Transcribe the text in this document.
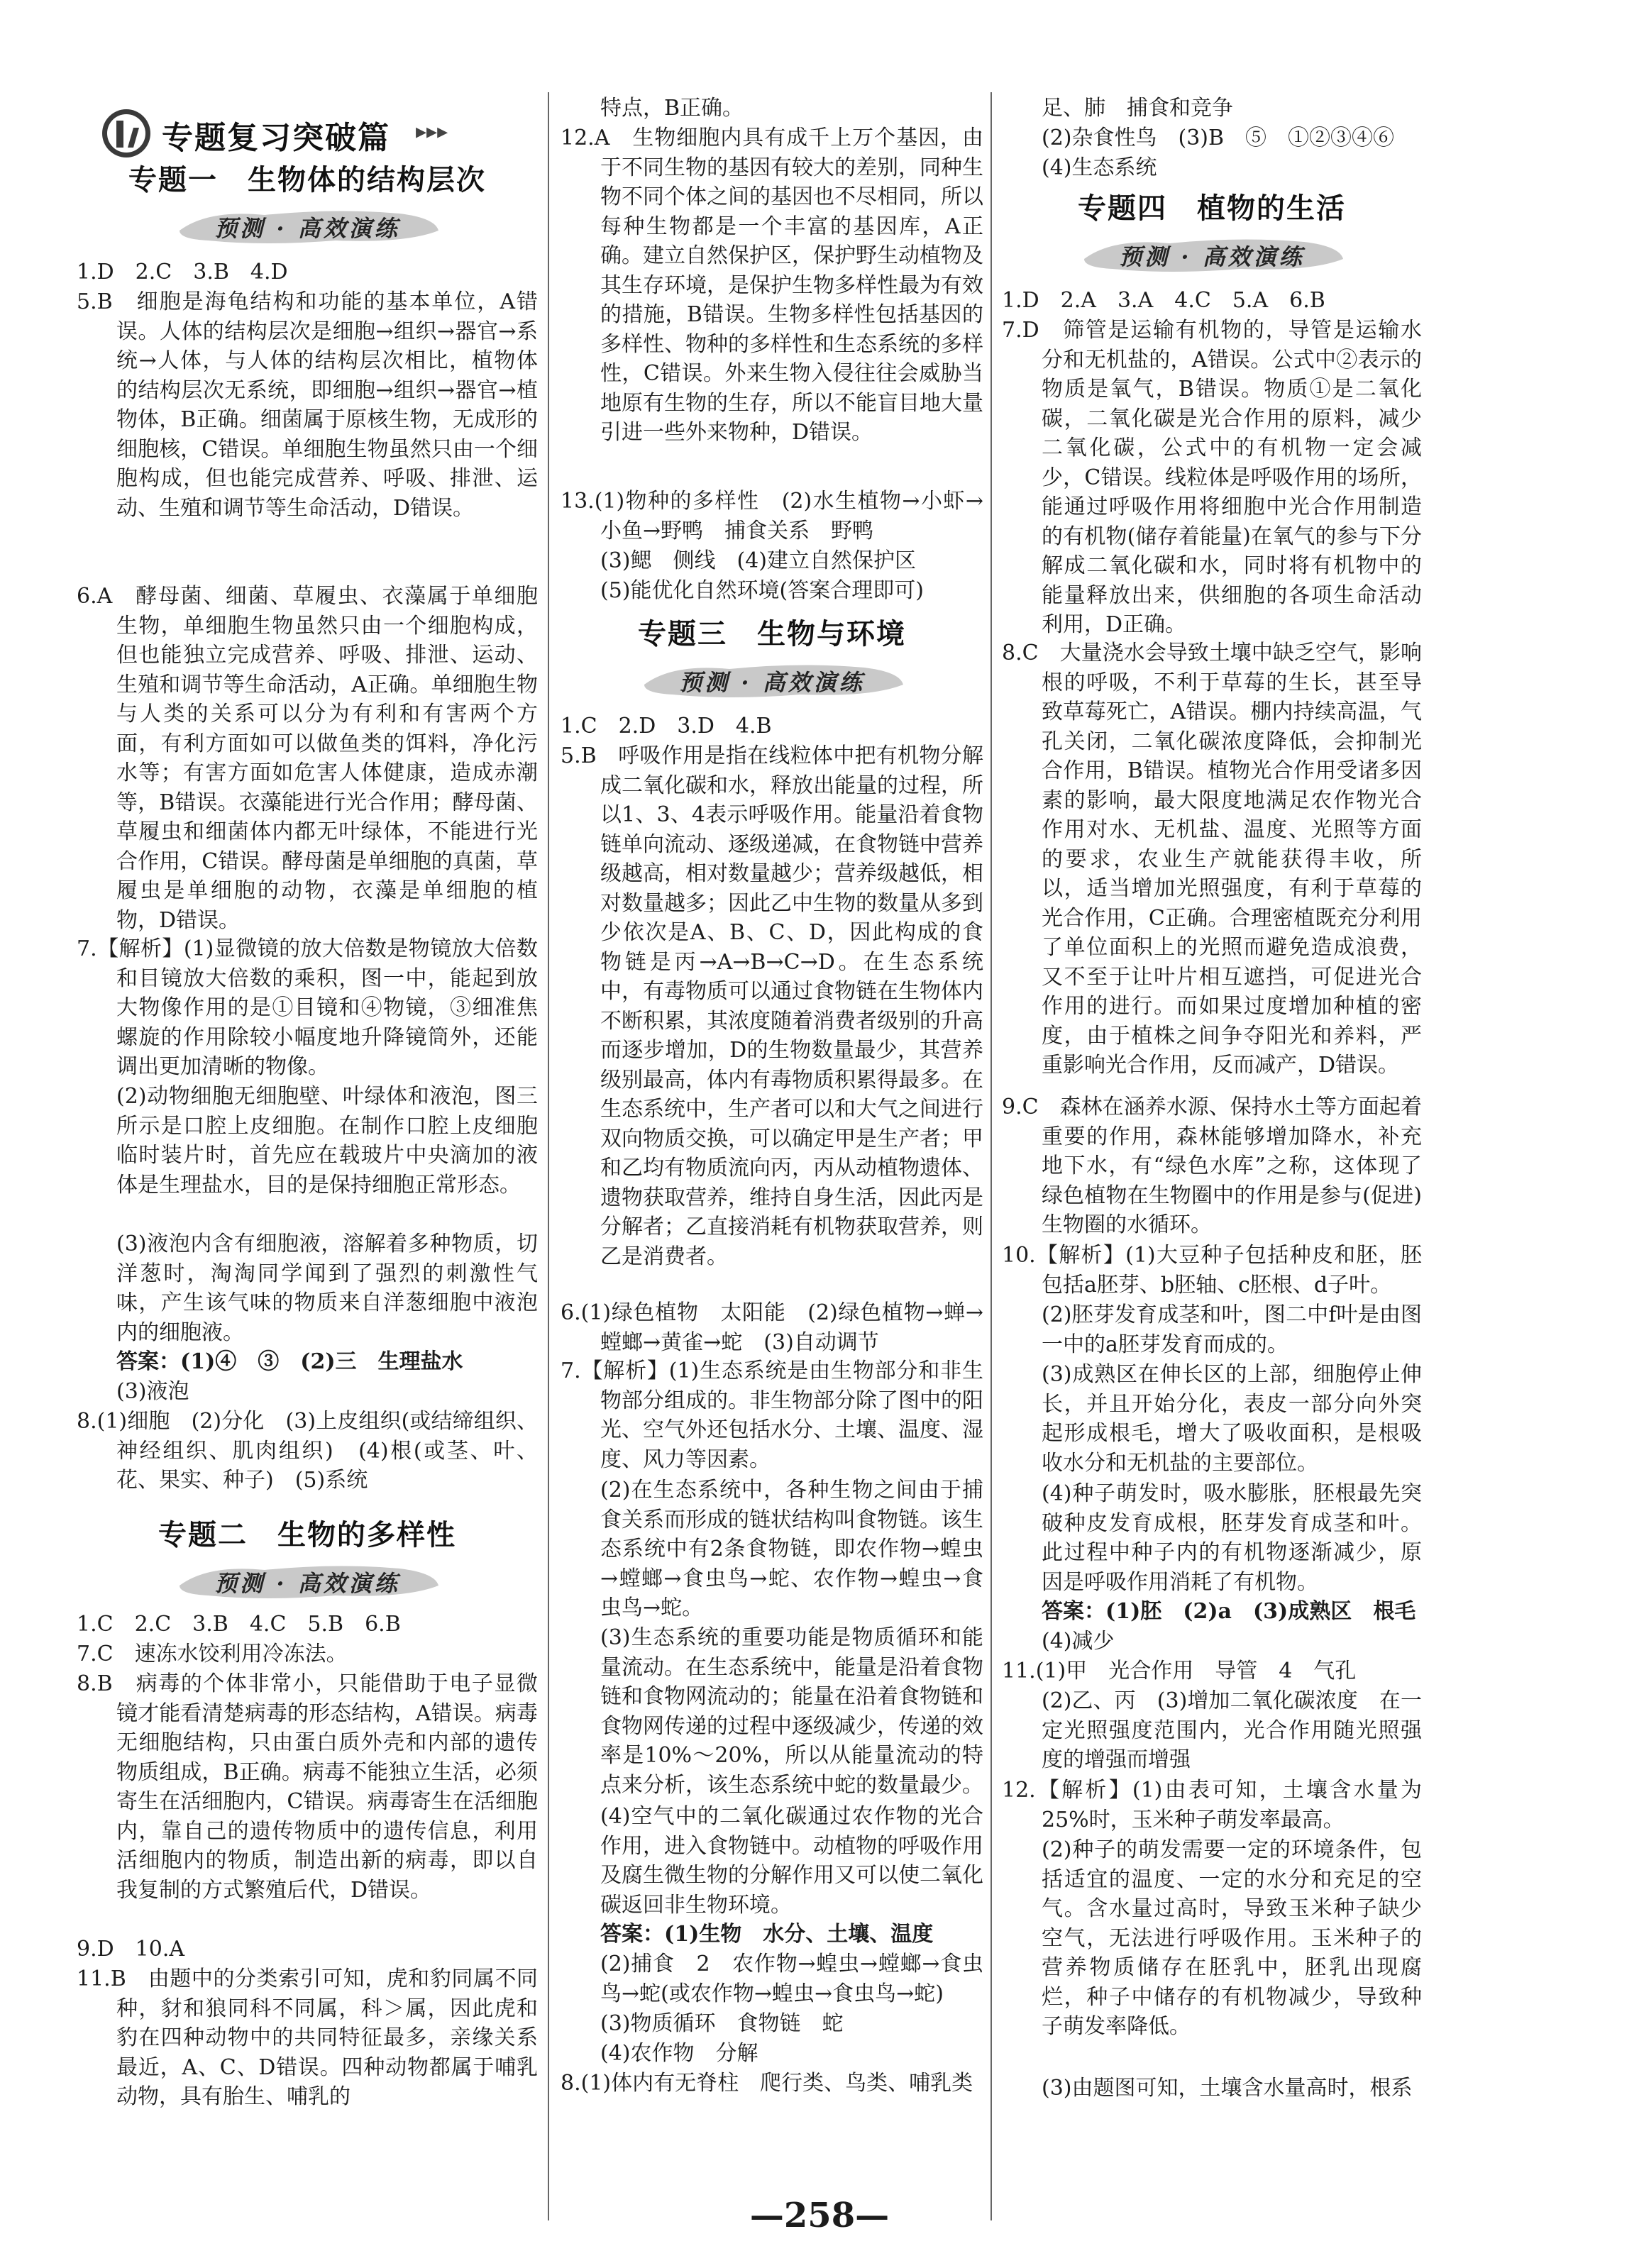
专题复习突破篇 ▸▸▸
专题一　生物体的结构层次
预测 · 高效演练
1.D　2.C　3.B　4.D
5.B　细胞是海龟结构和功能的基本单位，A错误。人体的结构层次是细胞→组织→器官→系统→人体，与人体的结构层次相比，植物体的结构层次无系统，即细胞→组织→器官→植物体，B正确。细菌属于原核生物，无成形的细胞核，C错误。单细胞生物虽然只由一个细胞构成，但也能完成营养、呼吸、排泄、运动、生殖和调节等生命活动，D错误。
6.A　酵母菌、细菌、草履虫、衣藻属于单细胞生物，单细胞生物虽然只由一个细胞构成，但也能独立完成营养、呼吸、排泄、运动、生殖和调节等生命活动，A正确。单细胞生物与人类的关系可以分为有利和有害两个方面，有利方面如可以做鱼类的饵料，净化污水等；有害方面如危害人体健康，造成赤潮等，B错误。衣藻能进行光合作用；酵母菌、草履虫和细菌体内都无叶绿体，不能进行光合作用，C错误。酵母菌是单细胞的真菌，草履虫是单细胞的动物，衣藻是单细胞的植物，D错误。
7.【解析】(1)显微镜的放大倍数是物镜放大倍数和目镜放大倍数的乘积，图一中，能起到放大物像作用的是①目镜和④物镜，③细准焦螺旋的作用除较小幅度地升降镜筒外，还能调出更加清晰的物像。
(2)动物细胞无细胞壁、叶绿体和液泡，图三所示是口腔上皮细胞。在制作口腔上皮细胞临时装片时，首先应在载玻片中央滴加的液体是生理盐水，目的是保持细胞正常形态。
(3)液泡内含有细胞液，溶解着多种物质，切洋葱时，淘淘同学闻到了强烈的刺激性气味，产生该气味的物质来自洋葱细胞中液泡内的细胞液。
答案：(1)④　③　(2)三　生理盐水
(3)液泡
8.(1)细胞　(2)分化　(3)上皮组织(或结缔组织、神经组织、肌肉组织)　(4)根(或茎、叶、花、果实、种子)　(5)系统
专题二　生物的多样性
预测 · 高效演练
1.C　2.C　3.B　4.C　5.B　6.B
7.C　速冻水饺利用冷冻法。
8.B　病毒的个体非常小，只能借助于电子显微镜才能看清楚病毒的形态结构，A错误。病毒无细胞结构，只由蛋白质外壳和内部的遗传物质组成，B正确。病毒不能独立生活，必须寄生在活细胞内，C错误。病毒寄生在活细胞内，靠自己的遗传物质中的遗传信息，利用活细胞内的物质，制造出新的病毒，即以自我复制的方式繁殖后代，D错误。
9.D　10.A
11.B　由题中的分类索引可知，虎和豹同属不同种，豺和狼同科不同属，科＞属，因此虎和豹在四种动物中的共同特征最多，亲缘关系最近，A、C、D错误。四种动物都属于哺乳动物，具有胎生、哺乳的
特点，B正确。
12.A　生物细胞内具有成千上万个基因，由于不同生物的基因有较大的差别，同种生物不同个体之间的基因也不尽相同，所以每种生物都是一个丰富的基因库，A正确。建立自然保护区，保护野生动植物及其生存环境，是保护生物多样性最为有效的措施，B错误。生物多样性包括基因的多样性、物种的多样性和生态系统的多样性，C错误。外来生物入侵往往会威胁当地原有生物的生存，所以不能盲目地大量引进一些外来物种，D错误。
13.(1)物种的多样性　(2)水生植物→小虾→小鱼→野鸭　捕食关系　野鸭
(3)鳃　侧线　(4)建立自然保护区
(5)能优化自然环境(答案合理即可)
专题三　生物与环境
预测 · 高效演练
1.C　2.D　3.D　4.B
5.B　呼吸作用是指在线粒体中把有机物分解成二氧化碳和水，释放出能量的过程，所以1、3、4表示呼吸作用。能量沿着食物链单向流动、逐级递减，在食物链中营养级越高，相对数量越少；营养级越低，相对数量越多；因此乙中生物的数量从多到少依次是A、B、C、D，因此构成的食物链是丙→A→B→C→D。在生态系统中，有毒物质可以通过食物链在生物体内不断积累，其浓度随着消费者级别的升高而逐步增加，D的生物数量最少，其营养级别最高，体内有毒物质积累得最多。在生态系统中，生产者可以和大气之间进行双向物质交换，可以确定甲是生产者；甲和乙均有物质流向丙，丙从动植物遗体、遗物获取营养，维持自身生活，因此丙是分解者；乙直接消耗有机物获取营养，则乙是消费者。
6.(1)绿色植物　太阳能　(2)绿色植物→蝉→螳螂→黄雀→蛇　(3)自动调节
7.【解析】(1)生态系统是由生物部分和非生物部分组成的。非生物部分除了图中的阳光、空气外还包括水分、土壤、温度、湿度、风力等因素。
(2)在生态系统中，各种生物之间由于捕食关系而形成的链状结构叫食物链。该生态系统中有2条食物链，即农作物→蝗虫→螳螂→食虫鸟→蛇、农作物→蝗虫→食虫鸟→蛇。
(3)生态系统的重要功能是物质循环和能量流动。在生态系统中，能量是沿着食物链和食物网流动的；能量在沿着食物链和食物网传递的过程中逐级减少，传递的效率是10%～20%，所以从能量流动的特点来分析，该生态系统中蛇的数量最少。
(4)空气中的二氧化碳通过农作物的光合作用，进入食物链中。动植物的呼吸作用及腐生微生物的分解作用又可以使二氧化碳返回非生物环境。
答案：(1)生物　水分、土壤、温度
(2)捕食　2　农作物→蝗虫→螳螂→食虫鸟→蛇(或农作物→蝗虫→食虫鸟→蛇)
(3)物质循环　食物链　蛇
(4)农作物　分解
8.(1)体内有无脊柱　爬行类、鸟类、哺乳类
足、肺　捕食和竞争
(2)杂食性鸟　(3)B　⑤　①②③④⑥
(4)生态系统
专题四　植物的生活
预测 · 高效演练
1.D　2.A　3.A　4.C　5.A　6.B
7.D　筛管是运输有机物的，导管是运输水分和无机盐的，A错误。公式中②表示的物质是氧气，B错误。物质①是二氧化碳，二氧化碳是光合作用的原料，减少二氧化碳，公式中的有机物一定会减少，C错误。线粒体是呼吸作用的场所，能通过呼吸作用将细胞中光合作用制造的有机物(储存着能量)在氧气的参与下分解成二氧化碳和水，同时将有机物中的能量释放出来，供细胞的各项生命活动利用，D正确。
8.C　大量浇水会导致土壤中缺乏空气，影响根的呼吸，不利于草莓的生长，甚至导致草莓死亡，A错误。棚内持续高温，气孔关闭，二氧化碳浓度降低，会抑制光合作用，B错误。植物光合作用受诸多因素的影响，最大限度地满足农作物光合作用对水、无机盐、温度、光照等方面的要求，农业生产就能获得丰收，所以，适当增加光照强度，有利于草莓的光合作用，C正确。合理密植既充分利用了单位面积上的光照而避免造成浪费，又不至于让叶片相互遮挡，可促进光合作用的进行。而如果过度增加种植的密度，由于植株之间争夺阳光和养料，严重影响光合作用，反而减产，D错误。
9.C　森林在涵养水源、保持水土等方面起着重要的作用，森林能够增加降水，补充地下水，有“绿色水库”之称，这体现了绿色植物在生物圈中的作用是参与(促进)生物圈的水循环。
10.【解析】(1)大豆种子包括种皮和胚，胚包括a胚芽、b胚轴、c胚根、d子叶。
(2)胚芽发育成茎和叶，图二中f叶是由图一中的a胚芽发育而成的。
(3)成熟区在伸长区的上部，细胞停止伸长，并且开始分化，表皮一部分向外突起形成根毛，增大了吸收面积，是根吸收水分和无机盐的主要部位。
(4)种子萌发时，吸水膨胀，胚根最先突破种皮发育成根，胚芽发育成茎和叶。此过程中种子内的有机物逐渐减少，原因是呼吸作用消耗了有机物。
答案：(1)胚　(2)a　(3)成熟区　根毛
(4)减少
11.(1)甲　光合作用　导管　4　气孔
(2)乙、丙　(3)增加二氧化碳浓度　在一定光照强度范围内，光合作用随光照强度的增强而增强
12.【解析】(1)由表可知，土壤含水量为25%时，玉米种子萌发率最高。
(2)种子的萌发需要一定的环境条件，包括适宜的温度、一定的水分和充足的空气。含水量过高时，导致玉米种子缺少空气，无法进行呼吸作用。玉米种子的营养物质储存在胚乳中，胚乳出现腐烂，种子中储存的有机物减少，导致种子萌发率降低。
(3)由题图可知，土壤含水量高时，根系
—258—
